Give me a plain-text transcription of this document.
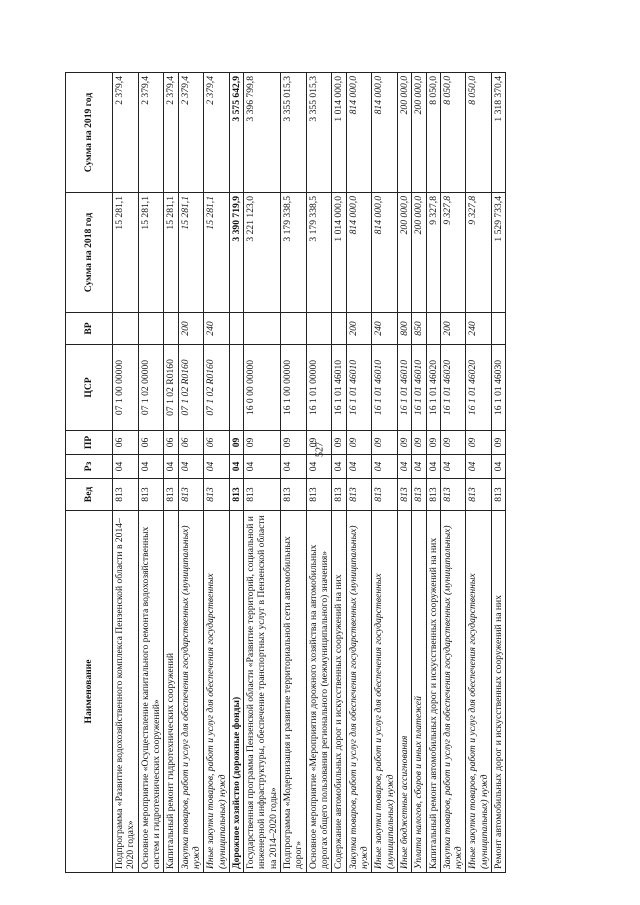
527
Наименование	Вед	Рз	ПР	ЦСР	ВР	Сумма на 2018 год	Сумма на 2019 год
Подпрограмма «Развитие водохозяйственного комплекса Пензенской области в 2014–2020 годах»	813	04	06	07 1 00 00000		15 281,1	2 379,4
Основное мероприятие «Осуществление капитального ремонта водохозяйственных систем и гидротехнических сооружений»	813	04	06	07 1 02 00000		15 281,1	2 379,4
Капитальный ремонт гидротехнических сооружений	813	04	06	07 1 02 R0160		15 281,1	2 379,4
Закупка товаров, работ и услуг для обеспечения государственных (муниципальных) нужд	813	04	06	07 1 02 R0160	200	15 281,1	2 379,4
Иные закупки товаров, работ и услуг для обеспечения государственных (муниципальных) нужд	813	04	06	07 1 02 R0160	240	15 281,1	2 379,4
Дорожное хозяйство (дорожные фонды)	813	04	09			3 390 719,9	3 575 642,9
Государственная программа Пензенской области «Развитие территорий, социальной и инженерной инфраструктуры, обеспечение транспортных услуг в Пензенской области на 2014–2020 годы»	813	04	09	16 0 00 00000		3 221 123,0	3 396 799,8
Подпрограмма «Модернизация и развитие территориальной сети автомобильных дорог»	813	04	09	16 1 00 00000		3 179 338,5	3 355 015,3
Основное мероприятие «Мероприятия дорожного хозяйства на автомобильных дорогах общего пользования регионального (межмуниципального) значения»	813	04	09	16 1 01 00000		3 179 338,5	3 355 015,3
Содержание автомобильных дорог и искусственных сооружений на них	813	04	09	16 1 01 46010		1 014 000,0	1 014 000,0
Закупка товаров, работ и услуг для обеспечения государственных (муниципальных) нужд	813	04	09	16 1 01 46010	200	814 000,0	814 000,0
Иные закупки товаров, работ и услуг для обеспечения государственных (муниципальных) нужд	813	04	09	16 1 01 46010	240	814 000,0	814 000,0
Иные бюджетные ассигнования	813	04	09	16 1 01 46010	800	200 000,0	200 000,0
Уплата налогов, сборов и иных платежей	813	04	09	16 1 01 46010	850	200 000,0	200 000,0
Капитальный ремонт автомобильных дорог и искусственных сооружений на них	813	04	09	16 1 01 46020		9 327,8	8 050,0
Закупка товаров, работ и услуг для обеспечения государственных (муниципальных) нужд	813	04	09	16 1 01 46020	200	9 327,8	8 050,0
Иные закупки товаров, работ и услуг для обеспечения государственных (муниципальных) нужд	813	04	09	16 1 01 46020	240	9 327,8	8 050,0
Ремонт автомобильных дорог и искусственных сооружений на них	813	04	09	16 1 01 46030		1 529 733,4	1 318 370,4
